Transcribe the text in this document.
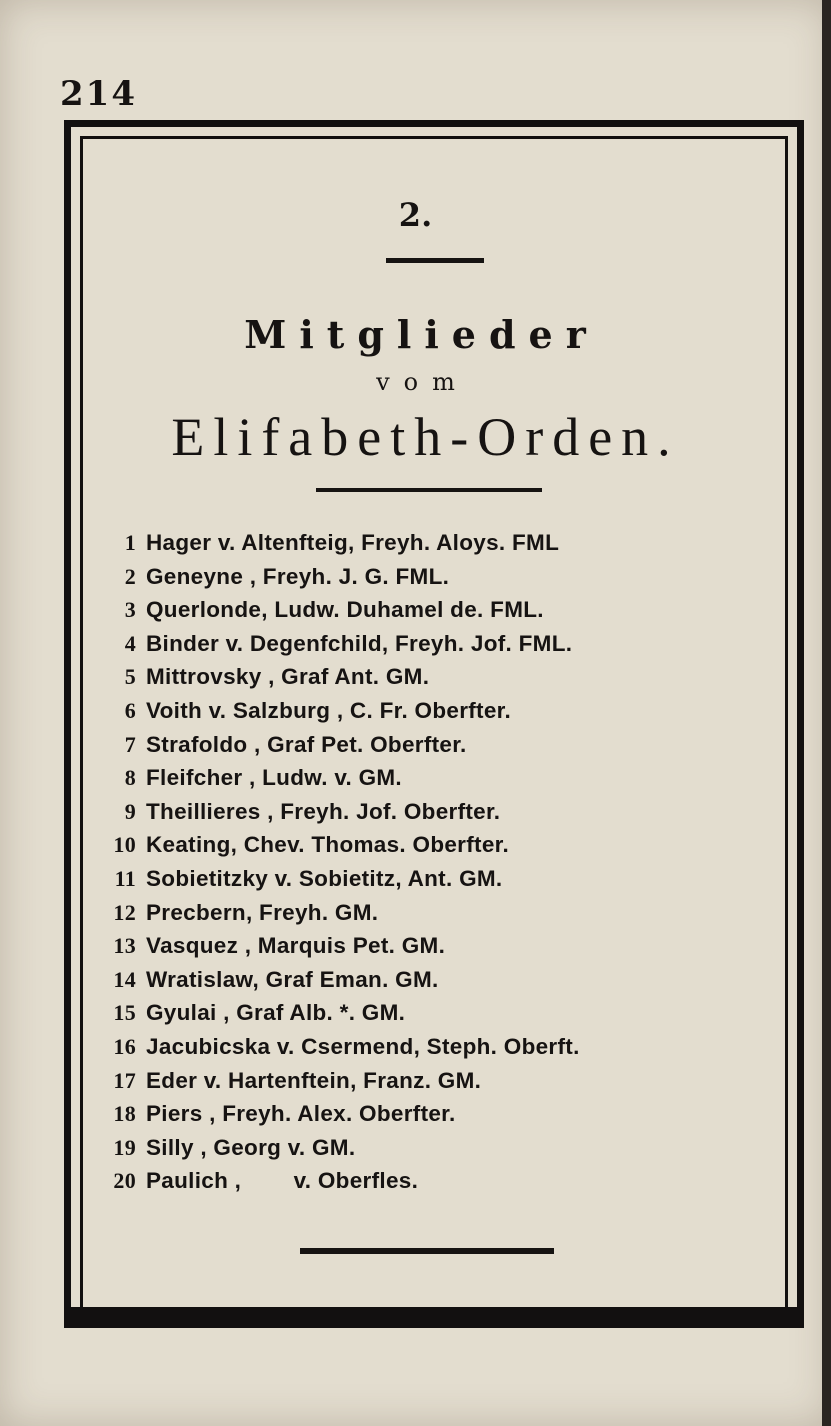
214
2.
Mitglieder
vom
Elifabeth-Orden.
1 Hager v. Altenfteig, Freyh. Aloys. FML
2 Geneyne , Freyh. J. G. FML.
3 Querlonde, Ludw. Duhamel de. FML.
4 Binder v. Degenfchild, Freyh. Jof. FML.
5 Mittrovsky , Graf Ant. GM.
6 Voith v. Salzburg , C. Fr. Oberfter.
7 Strafoldo , Graf Pet. Oberfter.
8 Fleifcher , Ludw. v. GM.
9 Theillieres , Freyh. Jof. Oberfter.
10 Keating, Chev. Thomas. Oberfter.
11 Sobietitzky v. Sobietitz, Ant. GM.
12 Precbern, Freyh. GM.
13 Vasquez , Marquis Pet. GM.
14 Wratislaw, Graf Eman. GM.
15 Gyulai , Graf Alb. *. GM.
16 Jacubicska v. Csermend, Steph. Oberft.
17 Eder v. Hartenftein, Franz. GM.
18 Piers , Freyh. Alex. Oberfter.
19 Silly , Georg v. GM.
20 Paulich ,        v. Oberfles.
